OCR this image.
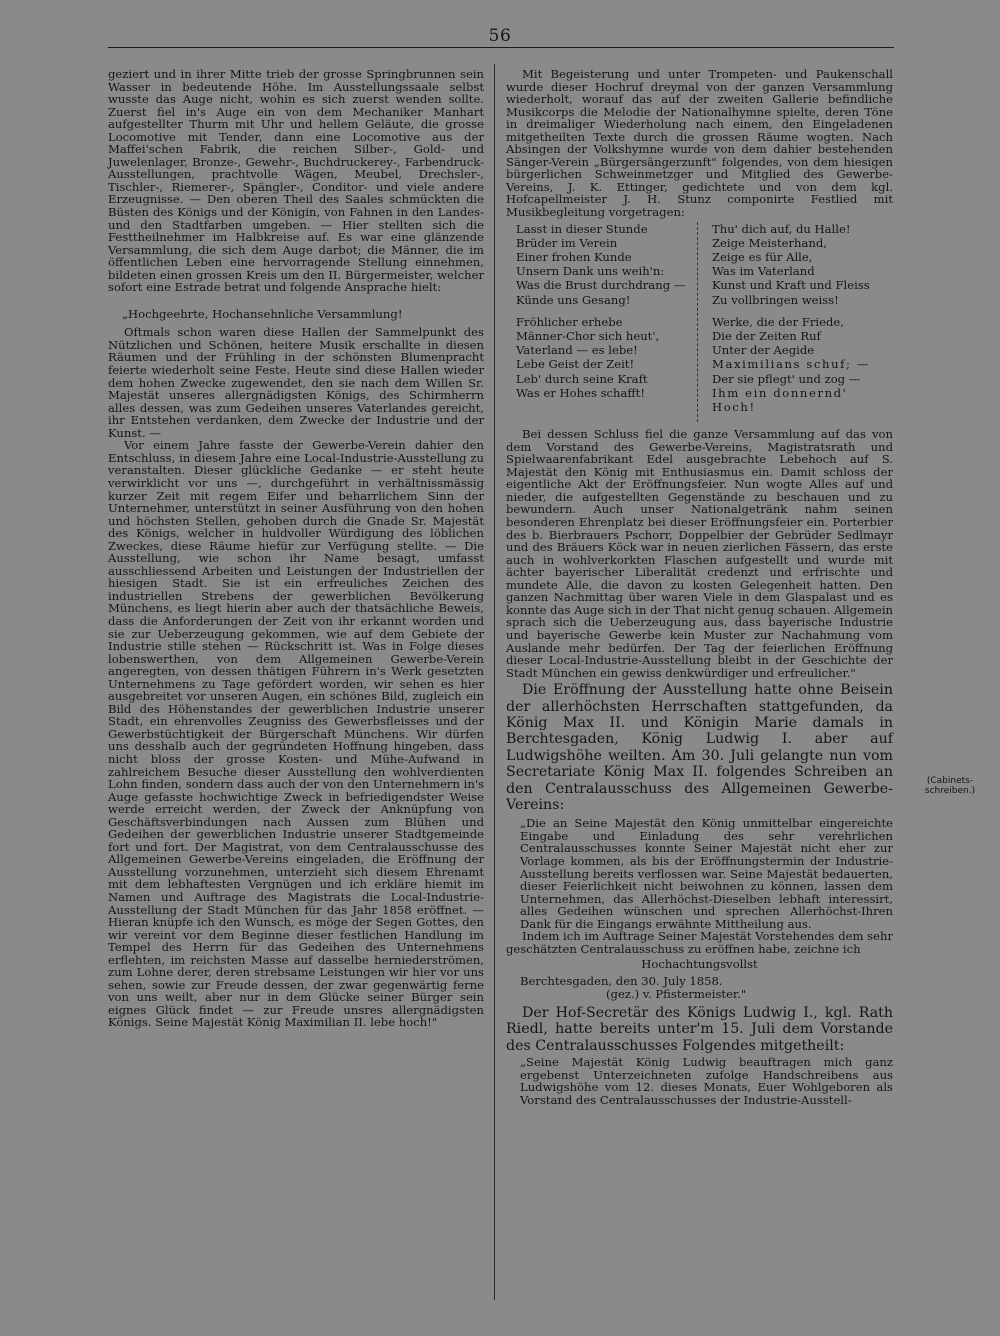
56

geziert und in ihrer Mitte trieb der grosse Springbrunnen sein Wasser in bedeutende Höhe. Im Ausstellungssaale selbst wusste das Auge nicht, wohin es sich zuerst wenden sollte. Zuerst fiel in's Auge ein von dem Mechaniker Manhart aufgestellter Thurm mit Uhr und hellem Geläute, die grosse Locomotive mit Tender, dann eine Locomotive aus der Maffei'schen Fabrik, die reichen Silber-, Gold- und Juwelenlager, Bronze-, Gewehr-, Buchdruckerey-, Farbendruck-Ausstellungen, prachtvolle Wägen, Meubel, Drechsler-, Tischler-, Riemerer-, Spängler-, Conditor- und viele andere Erzeugnisse. — Den oberen Theil des Saales schmückten die Büsten des Königs und der Königin, von Fahnen in den Landes- und den Stadtfarben umgeben. — Hier stellten sich die Festtheilnehmer im Halbkreise auf. Es war eine glänzende Versammlung, die sich dem Auge darbot; die Männer, die im öffentlichen Leben eine hervorragende Stellung einnehmen, bildeten einen grossen Kreis um den II. Bürgermeister, welcher sofort eine Estrade betrat und folgende Ansprache hielt:

„Hochgeehrte, Hochansehnliche Versammlung!

Oftmals schon waren diese Hallen der Sammelpunkt des Nützlichen und Schönen, heitere Musik erschallte in diesen Räumen und der Frühling in der schönsten Blumenpracht feierte wiederholt seine Feste. Heute sind diese Hallen wieder dem hohen Zwecke zugewendet, den sie nach dem Willen Sr. Majestät unseres allergnädigsten Königs, des Schirmherrn alles dessen, was zum Gedeihen unseres Vaterlandes gereicht, ihr Entstehen verdanken, dem Zwecke der Industrie und der Kunst. —

Vor einem Jahre fasste der Gewerbe-Verein dahier den Entschluss, in diesem Jahre eine Local-Industrie-Ausstellung zu veranstalten. Dieser glückliche Gedanke — er steht heute verwirklicht vor uns —, durchgeführt in verhältnissmässig kurzer Zeit mit regem Eifer und beharrlichem Sinn der Unternehmer, unterstützt in seiner Ausführung von den hohen und höchsten Stellen, gehoben durch die Gnade Sr. Majestät des Königs, welcher in huldvoller Würdigung des löblichen Zweckes, diese Räume hiefür zur Verfügung stellte. — Die Ausstellung, wie schon ihr Name besagt, umfasst ausschliessend Arbeiten und Leistungen der Industriellen der hiesigen Stadt. Sie ist ein erfreuliches Zeichen des industriellen Strebens der gewerblichen Bevölkerung Münchens, es liegt hierin aber auch der thatsächliche Beweis, dass die Anforderungen der Zeit von ihr erkannt worden und sie zur Ueberzeugung gekommen, wie auf dem Gebiete der Industrie stille stehen — Rückschritt ist. Was in Folge dieses lobenswerthen, von dem Allgemeinen Gewerbe-Verein angeregten, von dessen thätigen Führern in's Werk gesetzten Unternehmens zu Tage gefördert worden, wir sehen es hier ausgebreitet vor unseren Augen, ein schönes Bild, zugleich ein Bild des Höhenstandes der gewerblichen Industrie unserer Stadt, ein ehrenvolles Zeugniss des Gewerbsfleisses und der Gewerbstüchtigkeit der Bürgerschaft Münchens. Wir dürfen uns desshalb auch der gegründeten Hoffnung hingeben, dass nicht bloss der grosse Kosten- und Mühe-Aufwand in zahlreichem Besuche dieser Ausstellung den wohlverdienten Lohn finden, sondern dass auch der von den Unternehmern in's Auge gefasste hochwichtige Zweck in befriedigendster Weise werde erreicht werden, der Zweck der Anknüpfung von Geschäftsverbindungen nach Aussen zum Blühen und Gedeihen der gewerblichen Industrie unserer Stadtgemeinde fort und fort. Der Magistrat, von dem Centralausschusse des Allgemeinen Gewerbe-Vereins eingeladen, die Eröffnung der Ausstellung vorzunehmen, unterzieht sich diesem Ehrenamt mit dem lebhaftesten Vergnügen und ich erkläre hiemit im Namen und Auftrage des Magistrats die Local-Industrie-Ausstellung der Stadt München für das Jahr 1858 eröffnet. — Hieran knüpfe ich den Wunsch, es möge der Segen Gottes, den wir vereint vor dem Beginne dieser festlichen Handlung im Tempel des Herrn für das Gedeihen des Unternehmens erflehten, im reichsten Masse auf dasselbe herniederströmen, zum Lohne derer, deren strebsame Leistungen wir hier vor uns sehen, sowie zur Freude dessen, der zwar gegenwärtig ferne von uns weilt, aber nur in dem Glücke seiner Bürger sein eignes Glück findet — zur Freude unsres allergnädigsten Königs. Seine Majestät König Maximilian II. lebe hoch!"

Mit Begeisterung und unter Trompeten- und Paukenschall wurde dieser Hochruf dreymal von der ganzen Versammlung wiederholt, worauf das auf der zweiten Gallerie befindliche Musikcorps die Melodie der Nationalhymne spielte, deren Töne in dreimaliger Wiederholung nach einem, den Eingeladenen mitgetheilten Texte durch die grossen Räume wogten. Nach Absingen der Volkshymne wurde von dem dahier bestehenden Sänger-Verein „Bürgersängerzunft" folgendes, von dem hiesigen bürgerlichen Schweinmetzger und Mitglied des Gewerbe-Vereins, J. K. Ettinger, gedichtete und von dem kgl. Hofcapellmeister J. H. Stunz componirte Festlied mit Musikbegleitung vorgetragen:

Lasst in dieser Stunde
Brüder im Verein
Einer frohen Kunde
Unsern Dank uns weih'n:
Was die Brust durchdrang —
Künde uns Gesang!
Fröhlicher erhebe
Männer-Chor sich heut',
Vaterland — es lebe!
Lebe Geist der Zeit!
Leb' durch seine Kraft
Was er Hohes schafft!
Thu' dich auf, du Halle!
Zeige Meisterhand,
Zeige es für Alle,
Was im Vaterland
Kunst und Kraft und Fleiss
Zu vollbringen weiss!
Werke, die der Friede,
Die der Zeiten Ruf
Unter der Aegide
Maximilians schuf; —
Der sie pflegt' und zog —
Ihm ein donnernd' Hoch!

Bei dessen Schluss fiel die ganze Versammlung auf das von dem Vorstand des Gewerbe-Vereins, Magistratsrath und Spielwaarenfabrikant Edel ausgebrachte Lebehoch auf S. Majestät den König mit Enthusiasmus ein. Damit schloss der eigentliche Akt der Eröffnungsfeier. Nun wogte Alles auf und nieder, die aufgestellten Gegenstände zu beschauen und zu bewundern. Auch unser Nationalgetränk nahm seinen besonderen Ehrenplatz bei dieser Eröffnungsfeier ein. Porterbier des b. Bierbrauers Pschorr, Doppelbier der Gebrüder Sedlmayr und des Bräuers Köck war in neuen zierlichen Fässern, das erste auch in wohlverkorkten Flaschen aufgestellt und wurde mit ächter bayerischer Liberalität credenzt und erfrischte und mundete Alle, die davon zu kosten Gelegenheit hatten. Den ganzen Nachmittag über waren Viele in dem Glaspalast und es konnte das Auge sich in der That nicht genug schauen. Allgemein sprach sich die Ueberzeugung aus, dass bayerische Industrie und bayerische Gewerbe kein Muster zur Nachahmung vom Auslande mehr bedürfen. Der Tag der feierlichen Eröffnung dieser Local-Industrie-Ausstellung bleibt in der Geschichte der Stadt München ein gewiss denkwürdiger und erfreulicher."

Die Eröffnung der Ausstellung hatte ohne Beisein der allerhöchsten Herrschaften stattgefunden, da König Max II. und Königin Marie damals in Berchtesgaden, König Ludwig I. aber auf Ludwigshöhe weilten. Am 30. Juli gelangte nun vom Secretariate König Max II. folgendes Schreiben an den Centralausschuss des Allgemeinen Gewerbe-Vereins:

„Die an Seine Majestät den König unmittelbar eingereichte Eingabe und Einladung des sehr verehrlichen Centralausschusses konnte Seiner Majestät nicht eher zur Vorlage kommen, als bis der Eröffnungstermin der Industrie-Ausstellung bereits verflossen war. Seine Majestät bedauerten, dieser Feierlichkeit nicht beiwohnen zu können, lassen dem Unternehmen, das Allerhöchst-Dieselben lebhaft interessirt, alles Gedeihen wünschen und sprechen Allerhöchst-Ihren Dank für die Eingangs erwähnte Mittheilung aus.

Indem ich im Auftrage Seiner Majestät Vorstehendes dem sehr geschätzten Centralausschuss zu eröffnen habe, zeichne ich

Hochachtungsvollst

Berchtesgaden, den 30. July 1858.

(gez.) v. Pfistermeister."

Der Hof-Secretär des Königs Ludwig I., kgl. Rath Riedl, hatte bereits unter'm 15. Juli dem Vorstande des Centralausschusses Folgendes mitgetheilt:

„Seine Majestät König Ludwig beauftragen mich ganz ergebenst Unterzeichneten zufolge Handschreibens aus Ludwigshöhe vom 12. dieses Monats, Euer Wohlgeboren als Vorstand des Centralausschusses der Industrie-Ausstell-

(Cabinets-schreiben.)
